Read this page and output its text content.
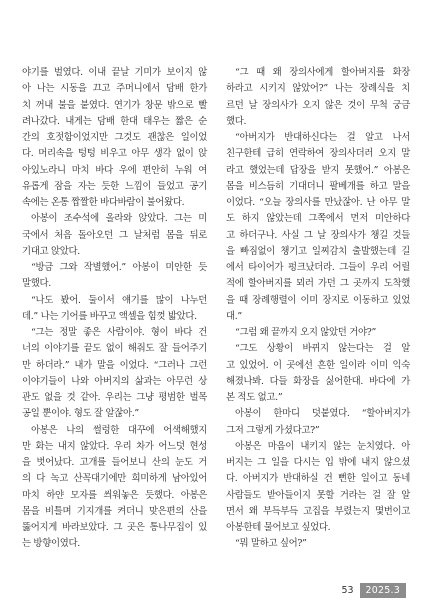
야기를 벌였다. 이내 끝날 기미가 보이지 않
아 나는 시동을 끄고 주머니에서 담배 한가
치 꺼내 불을 붙였다. 연기가 창문 밖으로 빨
려나갔다. 내게는 담배 한대 태우는 짧은 순
간의 호젓함이었지만 그것도 괜찮은 일이었
다. 머리속을 텅텅 비우고 아무 생각 없이 앉
아있노라니 마치 바다 우에 편안히 누워 여
유롭게 잠을 자는 듯한 느낌이 들었고 공기
속에는 온통 짭짤한 바다바람이 불어왔다.
아봉이 조수석에 올라와 앉았다. 그는 미
국에서 처음 돌아오던 그 날처럼 몸을 뒤로
기대고 앉았다.
“방금 그와 작별했어.” 아봉이 미안한 듯
말했다.
“나도 봤어. 둘이서 얘기를 많이 나누던
데.” 나는 기어를 바꾸고 액셀을 힘껏 밟았다.
“그는 정말 좋은 사람이야. 형이 바다 건
너의 이야기를 끝도 없이 해줘도 잘 들어주기
만 하더라.” 내가 말을 이었다. “그러나 그런
이야기들이 나와 아버지의 삶과는 아무런 상
관도 없을 것 같아. 우리는 그냥 평범한 벌목
공일 뿐이야. 형도 잘 알잖아.”
아봉은 나의 썰렁한 대꾸에 어색해했지
만 화는 내지 않았다. 우리 차가 어느덧 현성
을 벗어났다. 고개를 들어보니 산의 눈도 거
의 다 녹고 산꼭대기에만 희미하게 남아있어
마치 하얀 모자를 씌워놓은 듯했다. 아봉은
몸을 비틀며 기지개를 켜더니 맞은편의 산을
뚫어지게 바라보았다. 그 곳은 통나무집이 있
는 방향이였다.
“그 때 왜 장의사에게 할아버지를 화장
하라고 시키지 않았어?” 나는 장례식을 치
르던 날 장의사가 오지 않은 것이 무척 궁금
했다.
“아버지가 반대하신다는 걸 알고 나서
친구한테 급히 연락하여 장의사더러 오지 말
라고 했었는데 답장을 받지 못했어.” 아봉은
몸을 비스듬히 기대더니 팔베개를 하고 말을
이었다. “오늘 장의사를 만났잖아. 난 아무 말
도 하지 않았는데 그쪽에서 먼저 미안하다
고 하더구나. 사실 그 날 장의사가 챙길 것들
을 빠짐없이 챙기고 일찌감치 출발했는데 길
에서 타이어가 펑크났더라. 그들이 우리 어릴
적에 할아버지를 뫼러 가던 그 곳까지 도착했
을 때 장례행렬이 이미 장지로 이동하고 있었
대.”
“그럼 왜 끝까지 오지 않았던 거야?”
“그도 상황이 바뀌지 않는다는 걸 알
고 있었어. 이 곳에선 흔한 일이라 이미 익숙
해졌나봐. 다들 화장을 싫어한대. 바다에 가
본 적도 없고.”
아봉이 한마디 덧붙였다. “할아버지가
그저 그렇게 가셨다고?”
아봉은 마음이 내키지 않는 눈치였다. 아
버지는 그 일을 다시는 입 밖에 내지 않으셨
다. 아버지가 반대하실 건 뻔한 일이고 동네
사람들도 받아들이지 못할 거라는 걸 잘 알
면서 왜 부득부득 고집을 부렸는지 몇번이고
아봉한테 물어보고 싶었다.
“뭐 말하고 싶어?”
53	2025.3
